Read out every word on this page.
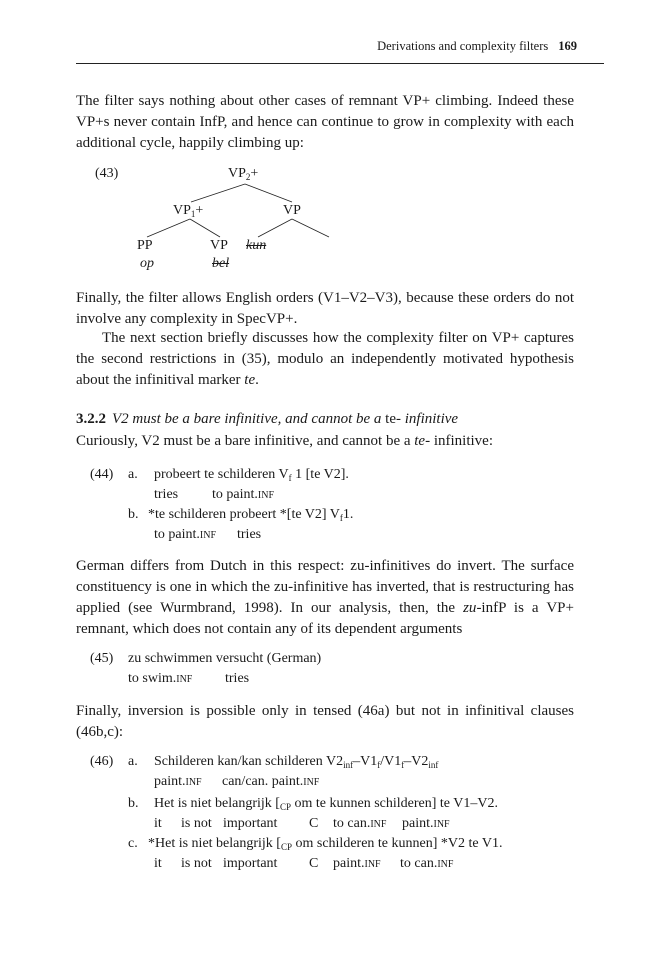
Derivations and complexity filters 169

The filter says nothing about other cases of remnant VP+ climbing. Indeed these VP+s never contain InfP, and hence can continue to grow in complexity with each additional cycle, happily climbing up:

(43)	$VP_2+$
$VP_1+$	VP
PP
op
VP
bel
kun

Finally, the filter allows English orders (V1–V2–V3), because these orders do not involve any complexity in SpecVP+.

The next section briefly discusses how the complexity filter on VP+ captures the second restrictions in (35), modulo an independently motivated hypothesis about the infinitival marker te.

3.2.2 V2 must be a bare infinitive, and cannot be a te- infinitive

Curiously, V2 must be a bare infinitive, and cannot be a te- infinitive:

(44) a. probeert te schilderen $V_f$ 1 [te V2].
tries to paint.inf
b. *te schilderen probeert *[te V2] $V_f1$.
to paint.inf tries

German differs from Dutch in this respect: zu-infinitives do invert. The surface constituency is one in which the zu-infinitive has inverted, that is restructuring has applied (see Wurmbrand, 1998). In our analysis, then, the zu-infP is a VP+ remnant, which does not contain any of its dependent arguments

(45) zu schwimmen versucht (German)
to swim.inf tries

Finally, inversion is possible only in tensed (46a) but not in infinitival clauses (46b,c):

(46) a. Schilderen kan/kan schilderen $V2_{inf}-V1_f/V1_f-V2_{inf}$
paint.inf can/can. paint.inf
b. Het is niet belangrijk [$_{CP}$ om te kunnen schilderen] te V1–V2.
it is not important C to can.inf paint.inf
c. *Het is niet belangrijk [$_{CP}$ om schilderen te kunnen] *V2 te V1.
it is not important C paint.inf to can.inf
